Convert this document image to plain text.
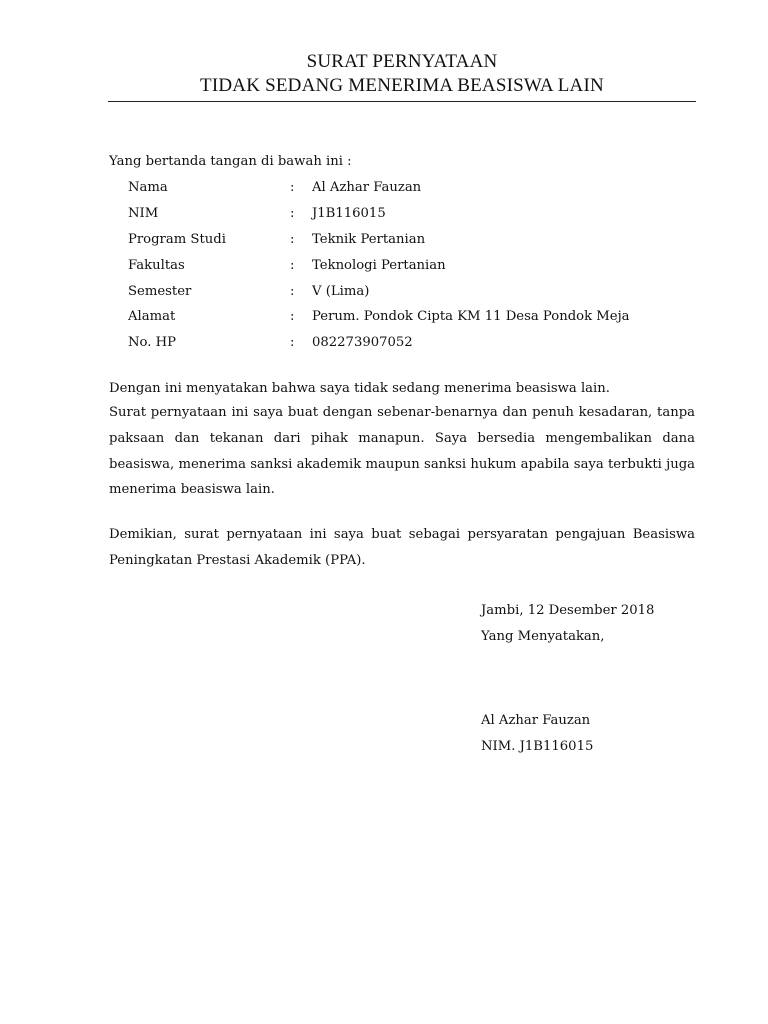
SURAT PERNYATAAN
TIDAK SEDANG MENERIMA BEASISWA LAIN
Yang bertanda tangan di bawah ini :
Nama	: Al Azhar Fauzan
NIM	: J1B116015
Program Studi	: Teknik Pertanian
Fakultas	: Teknologi Pertanian
Semester	: V (Lima)
Alamat	: Perum. Pondok Cipta KM 11 Desa Pondok Meja
No. HP	: 082273907052
Dengan ini menyatakan bahwa saya tidak sedang menerima beasiswa lain.
Surat pernyataan ini saya buat dengan sebenar-benarnya dan penuh kesadaran, tanpa paksaan dan tekanan dari pihak manapun. Saya bersedia mengembalikan dana beasiswa, menerima sanksi akademik maupun sanksi hukum apabila saya terbukti juga menerima beasiswa lain.
Demikian, surat pernyataan ini saya buat sebagai persyaratan pengajuan Beasiswa Peningkatan Prestasi Akademik (PPA).
Jambi, 12 Desember 2018
Yang Menyatakan,
Al Azhar Fauzan
NIM. J1B116015
